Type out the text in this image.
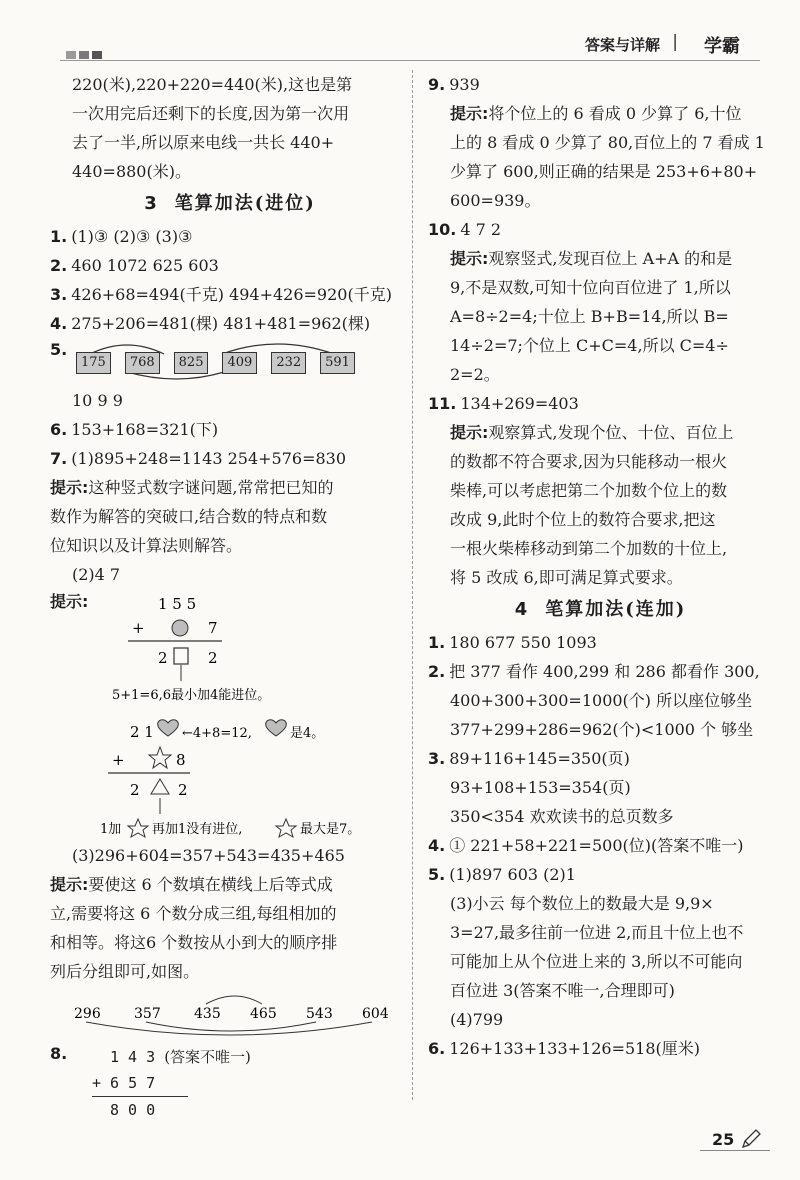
答案与详解 | 学霸
220(米),220+220=440(米),这也是第
一次用完后还剩下的长度,因为第一次用
去了一半,所以原来电线一共长 440+
440=880(米)。
3 笔算加法(进位)
1. (1)③ (2)③ (3)③
2. 460 1072 625 603
3. 426+68=494(千克) 494+426=920(千克)
4. 275+206=481(棵) 481+481=962(棵)
5.
175	768	825	409	232	591
10 9 9
6. 153+168=321(下)
7. (1)895+248=1143 254+576=830
提示:这种竖式数字谜问题,常常把已知的
数作为解答的突破口,结合数的特点和数
位知识以及计算法则解答。
(2)4 7
提示:	1 5 5
+	7
2	2
5+1=6,6最小加4能进位。
2 1 ←4+8=12,	是4。
+	8
2	2
1加 再加1没有进位,	最大是7。
(3)296+604=357+543=435+465
提示:要使这 6 个数填在横线上后等式成
立,需要将这 6 个数分成三组,每组相加的
和相等。将这6 个数按从小到大的顺序排
列后分组即可,如图。
296 357 435 465 543 604
8.	1 4 3 (答案不唯一)
+ 6 5 7
8 0 0
9. 939
提示:将个位上的 6 看成 0 少算了 6,十位
上的 8 看成 0 少算了 80,百位上的 7 看成 1
少算了 600,则正确的结果是 253+6+80+
600=939。
10. 4 7 2
提示:观察竖式,发现百位上 A+A 的和是
9,不是双数,可知十位向百位进了 1,所以
A=8÷2=4;十位上 B+B=14,所以 B=
14÷2=7;个位上 C+C=4,所以 C=4÷
2=2。
11. 134+269=403
提示:观察算式,发现个位、十位、百位上
的数都不符合要求,因为只能移动一根火
柴棒,可以考虑把第二个加数个位上的数
改成 9,此时个位上的数符合要求,把这
一根火柴棒移动到第二个加数的十位上,
将 5 改成 6,即可满足算式要求。
4 笔算加法(连加)
1. 180 677 550 1093
2. 把 377 看作 400,299 和 286 都看作 300,
400+300+300=1000(个) 所以座位够坐
377+299+286=962(个)<1000 个 够坐
3. 89+116+145=350(页)
93+108+153=354(页)
350<354 欢欢读书的总页数多
4. ① 221+58+221=500(位)(答案不唯一)
5. (1)897 603 (2)1
(3)小云 每个数位上的数最大是 9,9×
3=27,最多往前一位进 2,而且十位上也不
可能加上从个位进上来的 3,所以不可能向
百位进 3(答案不唯一,合理即可)
(4)799
6. 126+133+133+126=518(厘米)
25
